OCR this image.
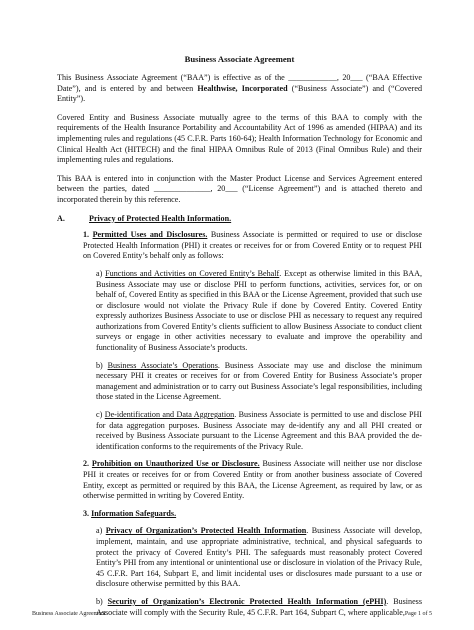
Business Associate Agreement

This Business Associate Agreement (“BAA”) is effective as of the ____________, 20___ (“BAA Effective Date”), and is entered by and between Healthwise, Incorporated (“Business Associate”) and (“Covered Entity”).

Covered Entity and Business Associate mutually agree to the terms of this BAA to comply with the requirements of the Health Insurance Portability and Accountability Act of 1996 as amended (HIPAA) and its implementing rules and regulations (45 C.F.R. Parts 160-64); Health Information Technology for Economic and Clinical Health Act (HITECH) and the final HIPAA Omnibus Rule of 2013 (Final Omnibus Rule) and their implementing rules and regulations.

This BAA is entered into in conjunction with the Master Product License and Services Agreement entered between the parties, dated ______________, 20___ (“License Agreement”) and is attached thereto and incorporated therein by this reference.

A.	Privacy of Protected Health Information.

1. Permitted Uses and Disclosures. Business Associate is permitted or required to use or disclose Protected Health Information (PHI) it creates or receives for or from Covered Entity or to request PHI on Covered Entity’s behalf only as follows:

a) Functions and Activities on Covered Entity’s Behalf. Except as otherwise limited in this BAA, Business Associate may use or disclose PHI to perform functions, activities, services for, or on behalf of, Covered Entity as specified in this BAA or the License Agreement, provided that such use or disclosure would not violate the Privacy Rule if done by Covered Entity. Covered Entity expressly authorizes Business Associate to use or disclose PHI as necessary to request any required authorizations from Covered Entity’s clients sufficient to allow Business Associate to conduct client surveys or engage in other activities necessary to evaluate and improve the operability and functionality of Business Associate’s products.

b) Business Associate’s Operations. Business Associate may use and disclose the minimum necessary PHI it creates or receives for or from Covered Entity for Business Associate’s proper management and administration or to carry out Business Associate’s legal responsibilities, including those stated in the License Agreement.

c) De-identification and Data Aggregation. Business Associate is permitted to use and disclose PHI for data aggregation purposes. Business Associate may de-identify any and all PHI created or received by Business Associate pursuant to the License Agreement and this BAA provided the de-identification conforms to the requirements of the Privacy Rule.

2. Prohibition on Unauthorized Use or Disclosure. Business Associate will neither use nor disclose PHI it creates or receives for or from Covered Entity or from another business associate of Covered Entity, except as permitted or required by this BAA, the License Agreement, as required by law, or as otherwise permitted in writing by Covered Entity.

3. Information Safeguards.

a) Privacy of Organization’s Protected Health Information. Business Associate will develop, implement, maintain, and use appropriate administrative, technical, and physical safeguards to protect the privacy of Covered Entity’s PHI. The safeguards must reasonably protect Covered Entity’s PHI from any intentional or unintentional use or disclosure in violation of the Privacy Rule, 45 C.F.R. Part 164, Subpart E, and limit incidental uses or disclosures made pursuant to a use or disclosure otherwise permitted by this BAA.

b) Security of Organization’s Electronic Protected Health Information (ePHI). Business Associate will comply with the Security Rule, 45 C.F.R. Part 164, Subpart C, where applicable,

Business Associate Agreement	Page 1 of 5
